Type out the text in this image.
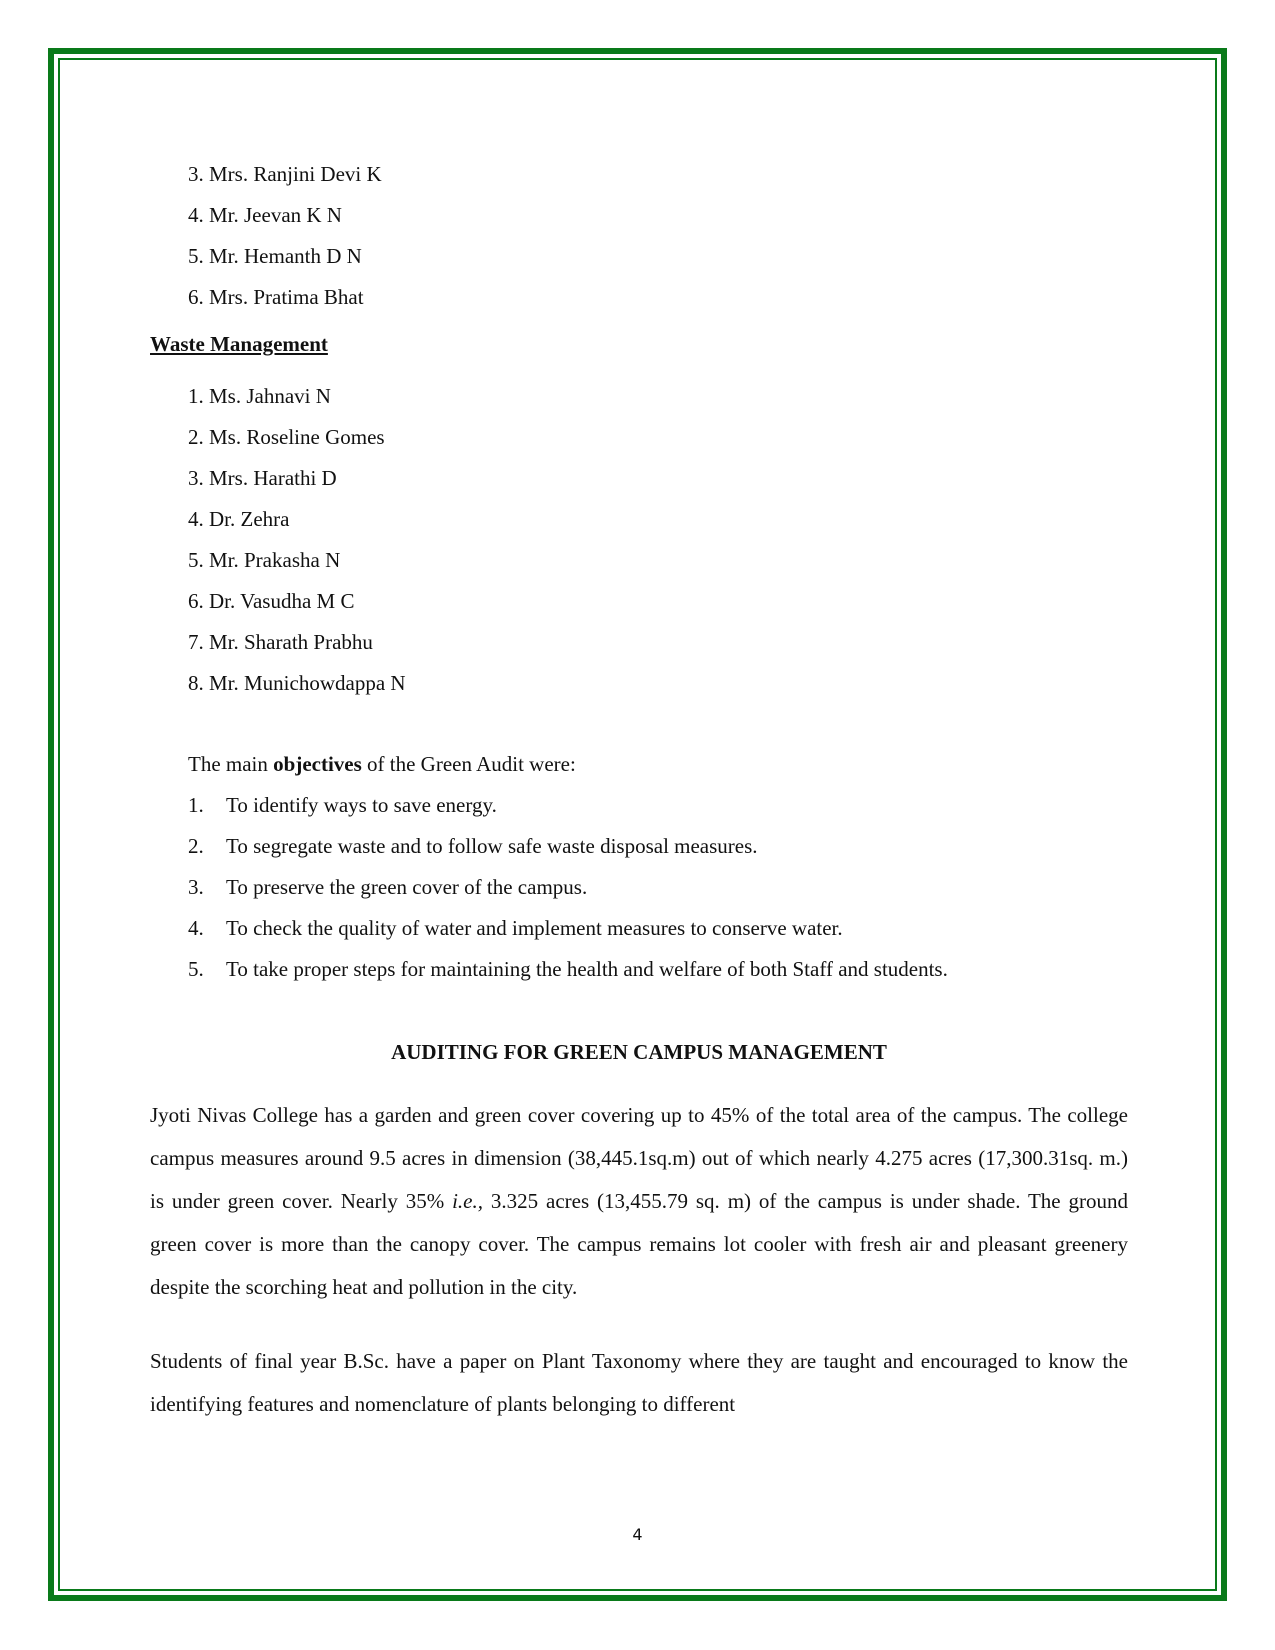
3. Mrs. Ranjini Devi K
4. Mr. Jeevan K N
5. Mr. Hemanth D N
6. Mrs. Pratima Bhat
Waste Management
1. Ms. Jahnavi N
2. Ms. Roseline Gomes
3. Mrs. Harathi D
4. Dr. Zehra
5. Mr. Prakasha N
6. Dr. Vasudha M C
7. Mr. Sharath Prabhu
8. Mr. Munichowdappa N
The main objectives of the Green Audit were:
1. To identify ways to save energy.
2. To segregate waste and to follow safe waste disposal measures.
3. To preserve the green cover of the campus.
4. To check the quality of water and implement measures to conserve water.
5. To take proper steps for maintaining the health and welfare of both Staff and students.
AUDITING FOR GREEN CAMPUS MANAGEMENT

Jyoti Nivas College has a garden and green cover covering up to 45% of the total area of the campus. The college campus measures around 9.5 acres in dimension (38,445.1sq.m) out of which nearly 4.275 acres (17,300.31sq. m.) is under green cover. Nearly 35% i.e., 3.325 acres (13,455.79 sq. m) of the campus is under shade. The ground green cover is more than the canopy cover. The campus remains lot cooler with fresh air and pleasant greenery despite the scorching heat and pollution in the city.

Students of final year B.Sc. have a paper on Plant Taxonomy where they are taught and encouraged to know the identifying features and nomenclature of plants belonging to different

4
